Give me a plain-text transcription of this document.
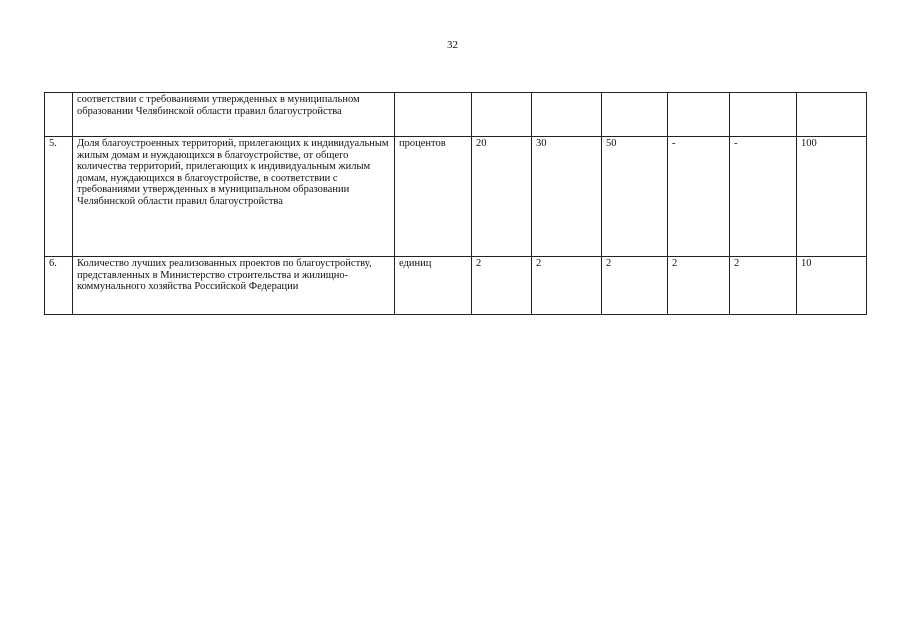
32
	соответствии с требованиями утвержденных в муниципальном образовании Челябинской области правил благоустройства							
5.	Доля благоустроенных территорий, прилегающих к индивидуальным жилым домам и нуждающихся в благоустройстве, от общего количества территорий, прилегающих к индивидуальным жилым домам, нуждающихся в благоустройстве, в соответствии с требованиями утвержденных в муниципальном образовании Челябинской области правил благоустройства	процентов	20	30	50	-	-	100
6.	Количество лучших реализованных проектов по благоустройству, представленных в Министерство строительства и жилищно-коммунального хозяйства Российской Федерации	единиц	2	2	2	2	2	10
